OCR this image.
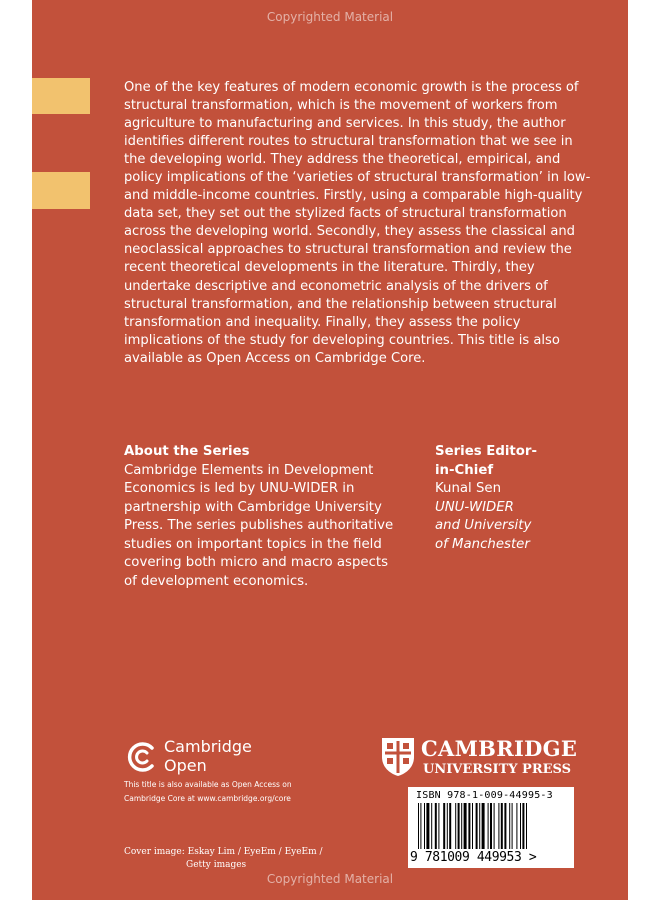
Copyrighted Material

One of the key features of modern economic growth is the process of structural transformation, which is the movement of workers from agriculture to manufacturing and services. In this study, the author identifies different routes to structural transformation that we see in the developing world. They address the theoretical, empirical, and policy implications of the ‘varieties of structural transformation’ in low- and middle-income countries. Firstly, using a comparable high-quality data set, they set out the stylized facts of structural transformation across the developing world. Secondly, they assess the classical and neoclassical approaches to structural transformation and review the recent theoretical developments in the literature. Thirdly, they undertake descriptive and econometric analysis of the drivers of structural transformation, and the relationship between structural transformation and inequality. Finally, they assess the policy implications of the study for developing countries. This title is also available as Open Access on Cambridge Core.

About the Series
Cambridge Elements in Development Economics is led by UNU-WIDER in partnership with Cambridge University Press. The series publishes authoritative studies on important topics in the field covering both micro and macro aspects of development economics.
Series Editor-
in-Chief
Kunal Sen
UNU-WIDER
and University
of Manchester
Cambridge
Open
This title is also available as Open Access on
Cambridge Core at www.cambridge.org/core
CAMBRIDGE
UNIVERSITY PRESS
ISBN 978-1-009-44995-3
9 781009 449953 >
Cover image: Eskay Lim / EyeEm / EyeEm /
Getty images
Copyrighted Material
